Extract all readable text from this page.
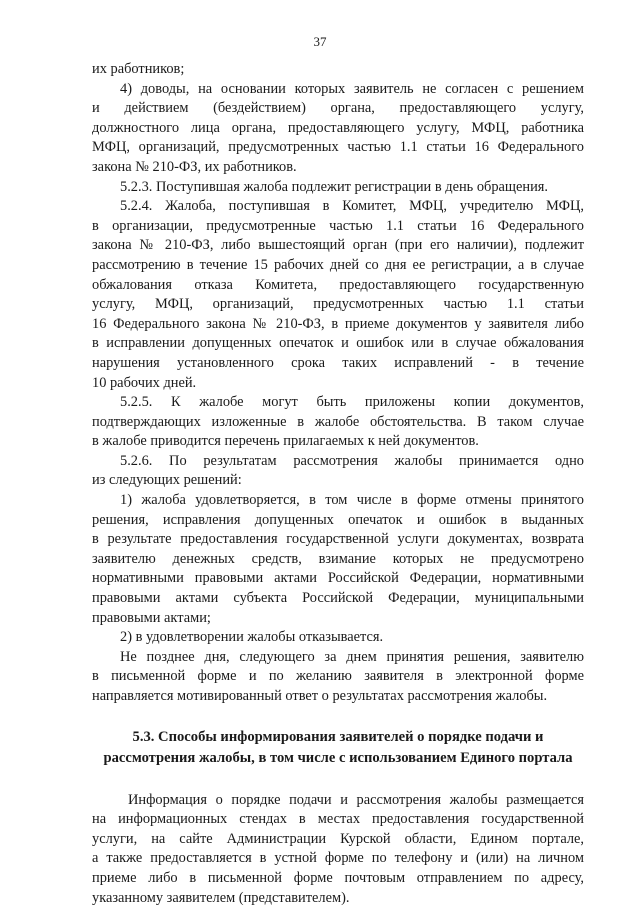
37
их работников;
4) доводы, на основании которых заявитель не согласен с решением
и действием (бездействием) органа, предоставляющего услугу,
должностного лица органа, предоставляющего услугу, МФЦ, работника
МФЦ, организаций, предусмотренных частью 1.1 статьи 16 Федерального
закона № 210-ФЗ, их работников.
5.2.3. Поступившая жалоба подлежит регистрации в день обращения.
5.2.4. Жалоба, поступившая в Комитет, МФЦ, учредителю МФЦ,
в организации, предусмотренные частью 1.1 статьи 16 Федерального
закона № 210-ФЗ, либо вышестоящий орган (при его наличии), подлежит
рассмотрению в течение 15 рабочих дней со дня ее регистрации, а в случае
обжалования отказа Комитета, предоставляющего государственную
услугу, МФЦ, организаций, предусмотренных частью 1.1 статьи
16 Федерального закона № 210-ФЗ, в приеме документов у заявителя либо
в исправлении допущенных опечаток и ошибок или в случае обжалования
нарушения установленного срока таких исправлений - в течение
10 рабочих дней.
5.2.5. К жалобе могут быть приложены копии документов,
подтверждающих изложенные в жалобе обстоятельства. В таком случае
в жалобе приводится перечень прилагаемых к ней документов.
5.2.6. По результатам рассмотрения жалобы принимается одно
из следующих решений:
1) жалоба удовлетворяется, в том числе в форме отмены принятого
решения, исправления допущенных опечаток и ошибок в выданных
в результате предоставления государственной услуги документах, возврата
заявителю денежных средств, взимание которых не предусмотрено
нормативными правовыми актами Российской Федерации, нормативными
правовыми актами субъекта Российской Федерации, муниципальными
правовыми актами;
2) в удовлетворении жалобы отказывается.
Не позднее дня, следующего за днем принятия решения, заявителю
в письменной форме и по желанию заявителя в электронной форме
направляется мотивированный ответ о результатах рассмотрения жалобы.
5.3. Способы информирования заявителей о порядке подачи и
рассмотрения жалобы, в том числе с использованием Единого портала
Информация о порядке подачи и рассмотрения жалобы размещается
на информационных стендах в местах предоставления государственной
услуги, на сайте Администрации Курской области, Едином портале,
а также предоставляется в устной форме по телефону и (или) на личном
приеме либо в письменной форме почтовым отправлением по адресу,
указанному заявителем (представителем).
